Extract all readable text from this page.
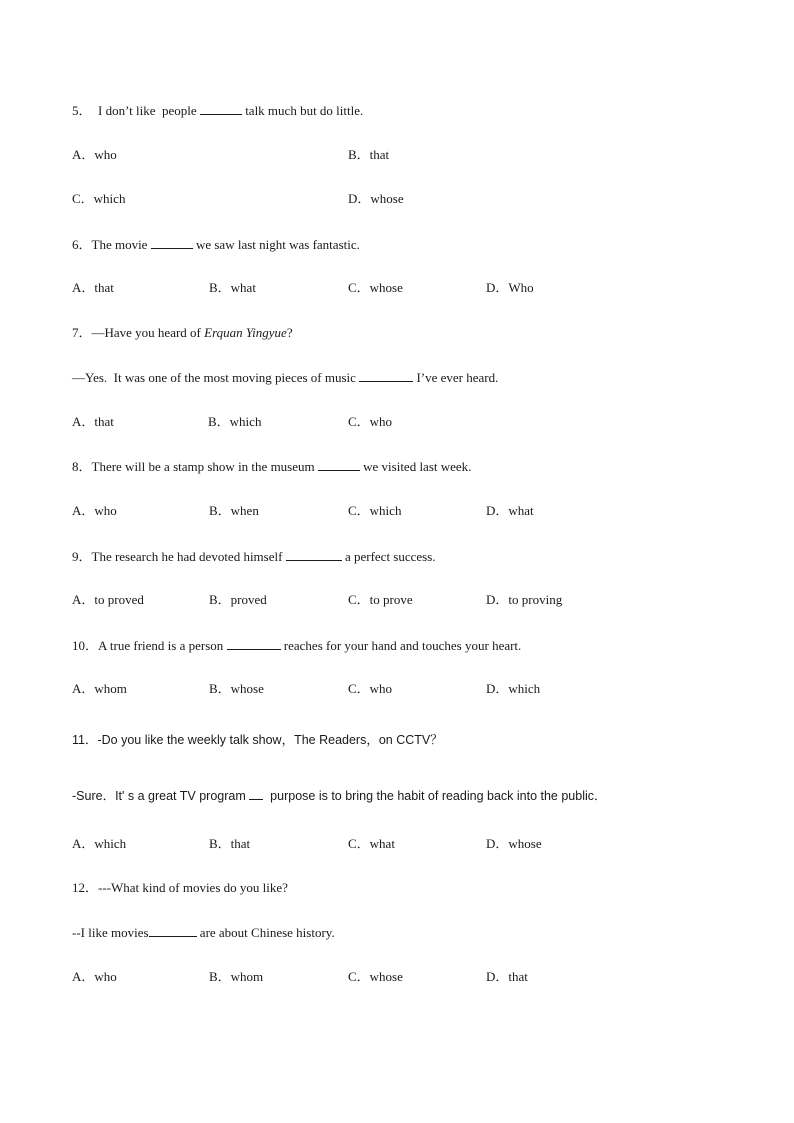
5．  I don’t like  people	talk much but do little.
A．who	B．that
C．which	D．whose
6．The movie	we saw last night was fantastic.
A．that	B．what	C．whose	D．Who
7．—Have you heard of Erquan Yingyue?
—Yes.  It was one of the most moving pieces of music	I’ve ever heard.
A．that	B．which	C．who
8．There will be a stamp show in the museum	we visited last week.
A．who	B．when	C．which	D．what
9．The research he had devoted himself	a perfect success.
A．to proved	B．proved	C．to prove	D．to proving
10．A true friend is a person	reaches for your hand and touches your heart.
A．whom	B．whose	C．who	D．which
11．-Do you like the weekly talk show，The Readers，on CCTV？
-Sure．It' s a great TV program   purpose is to bring the habit of reading back into the public．
A．which	B．that	C．what	D．whose
12．---What kind of movies do you like?
--I like movies	are about Chinese history.
A．who	B．whom	C．whose	D．that
